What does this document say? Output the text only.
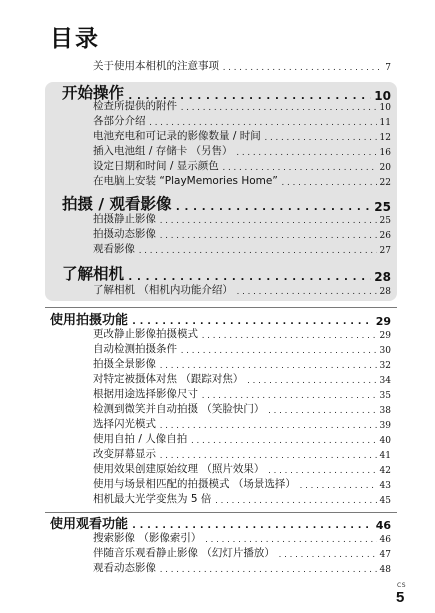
目录
关于使用本相机的注意事项 .....	7
开始操作 .....	10
检查所提供的附件 .....	10
各部分介绍 .....	11
电池充电和可记录的影像数量 / 时间 .....	12
插入电池组 / 存储卡 （另售） .....	16
设定日期和时间 / 显示颜色 .....	20
在电脑上安装 “PlayMemories Home” .....	22
拍摄 / 观看影像 .....	25
拍摄静止影像 .....	25
拍摄动态影像 .....	26
观看影像 .....	27
了解相机 .....	28
了解相机 （相机内功能介绍） .....	28
使用拍摄功能 .....	29
更改静止影像拍摄模式 .....	29
自动检测拍摄条件 .....	30
拍摄全景影像 .....	32
对特定被摄体对焦 （跟踪对焦） .....	34
根据用途选择影像尺寸 .....	35
检测到微笑并自动拍摄 （笑脸快门） .....	38
选择闪光模式 .....	39
使用自拍 / 人像自拍 .....	40
改变屏幕显示 .....	41
使用效果创建原始纹理 （照片效果） .....	42
使用与场景相匹配的拍摄模式 （场景选择） .....	43
相机最大光学变焦为 5 倍 .....	45
使用观看功能 .....	46
搜索影像 （影像索引） .....	46
伴随音乐观看静止影像 （幻灯片播放） .....	47
观看动态影像 .....	48
CS
5
